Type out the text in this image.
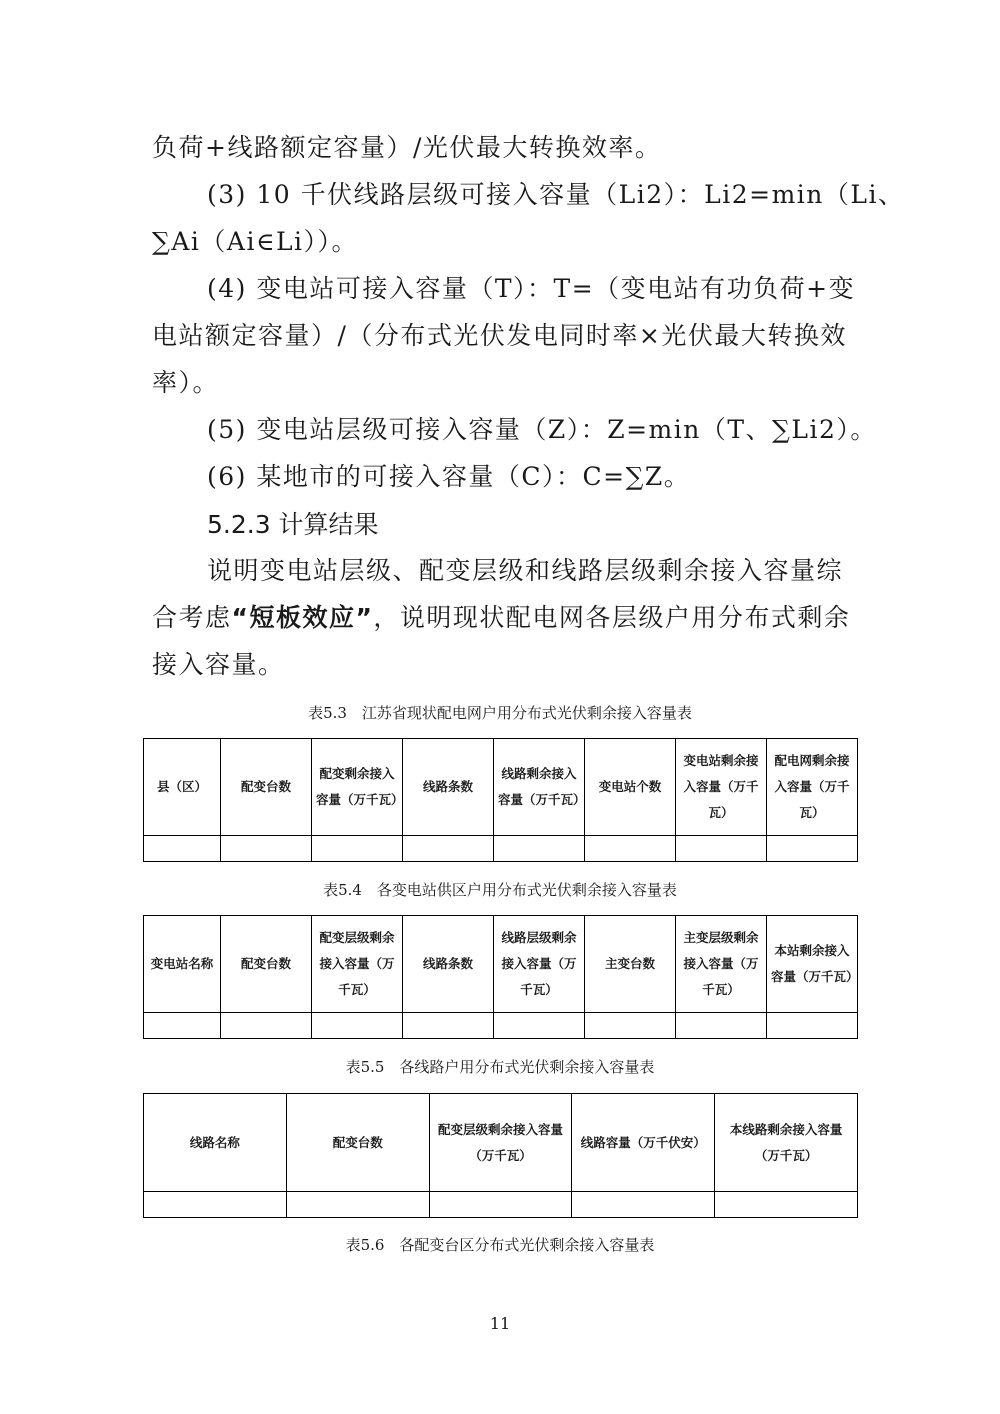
负荷+线路额定容量）/光伏最大转换效率。

(3) 10 千伏线路层级可接入容量（Li2）：Li2=min（Li、

∑Ai（Ai∈Li））。

(4) 变电站可接入容量（T）：T=（变电站有功负荷+变

电站额定容量）/（分布式光伏发电同时率×光伏最大转换效

率）。

(5) 变电站层级可接入容量（Z）：Z=min（T、∑Li2）。

(6) 某地市的可接入容量（C）：C=∑Z。

5.2.3 计算结果

说明变电站层级、配变层级和线路层级剩余接入容量综

合考虑“短板效应”，说明现状配电网各层级户用分布式剩余

接入容量。

表5.3　江苏省现状配电网户用分布式光伏剩余接入容量表
县（区）	配变台数	配变剩余接入容量（万千瓦）	线路条数	线路剩余接入容量（万千瓦）	变电站个数	变电站剩余接入容量（万千瓦）	配电网剩余接入容量（万千瓦）

表5.4　各变电站供区户用分布式光伏剩余接入容量表
变电站名称	配变台数	配变层级剩余接入容量（万千瓦）	线路条数	线路层级剩余接入容量（万千瓦）	主变台数	主变层级剩余接入容量（万千瓦）	本站剩余接入容量（万千瓦）

表5.5　各线路户用分布式光伏剩余接入容量表
线路名称	配变台数	配变层级剩余接入容量（万千瓦）	线路容量（万千伏安）	本线路剩余接入容量（万千瓦）

表5.6　各配变台区分布式光伏剩余接入容量表
11
